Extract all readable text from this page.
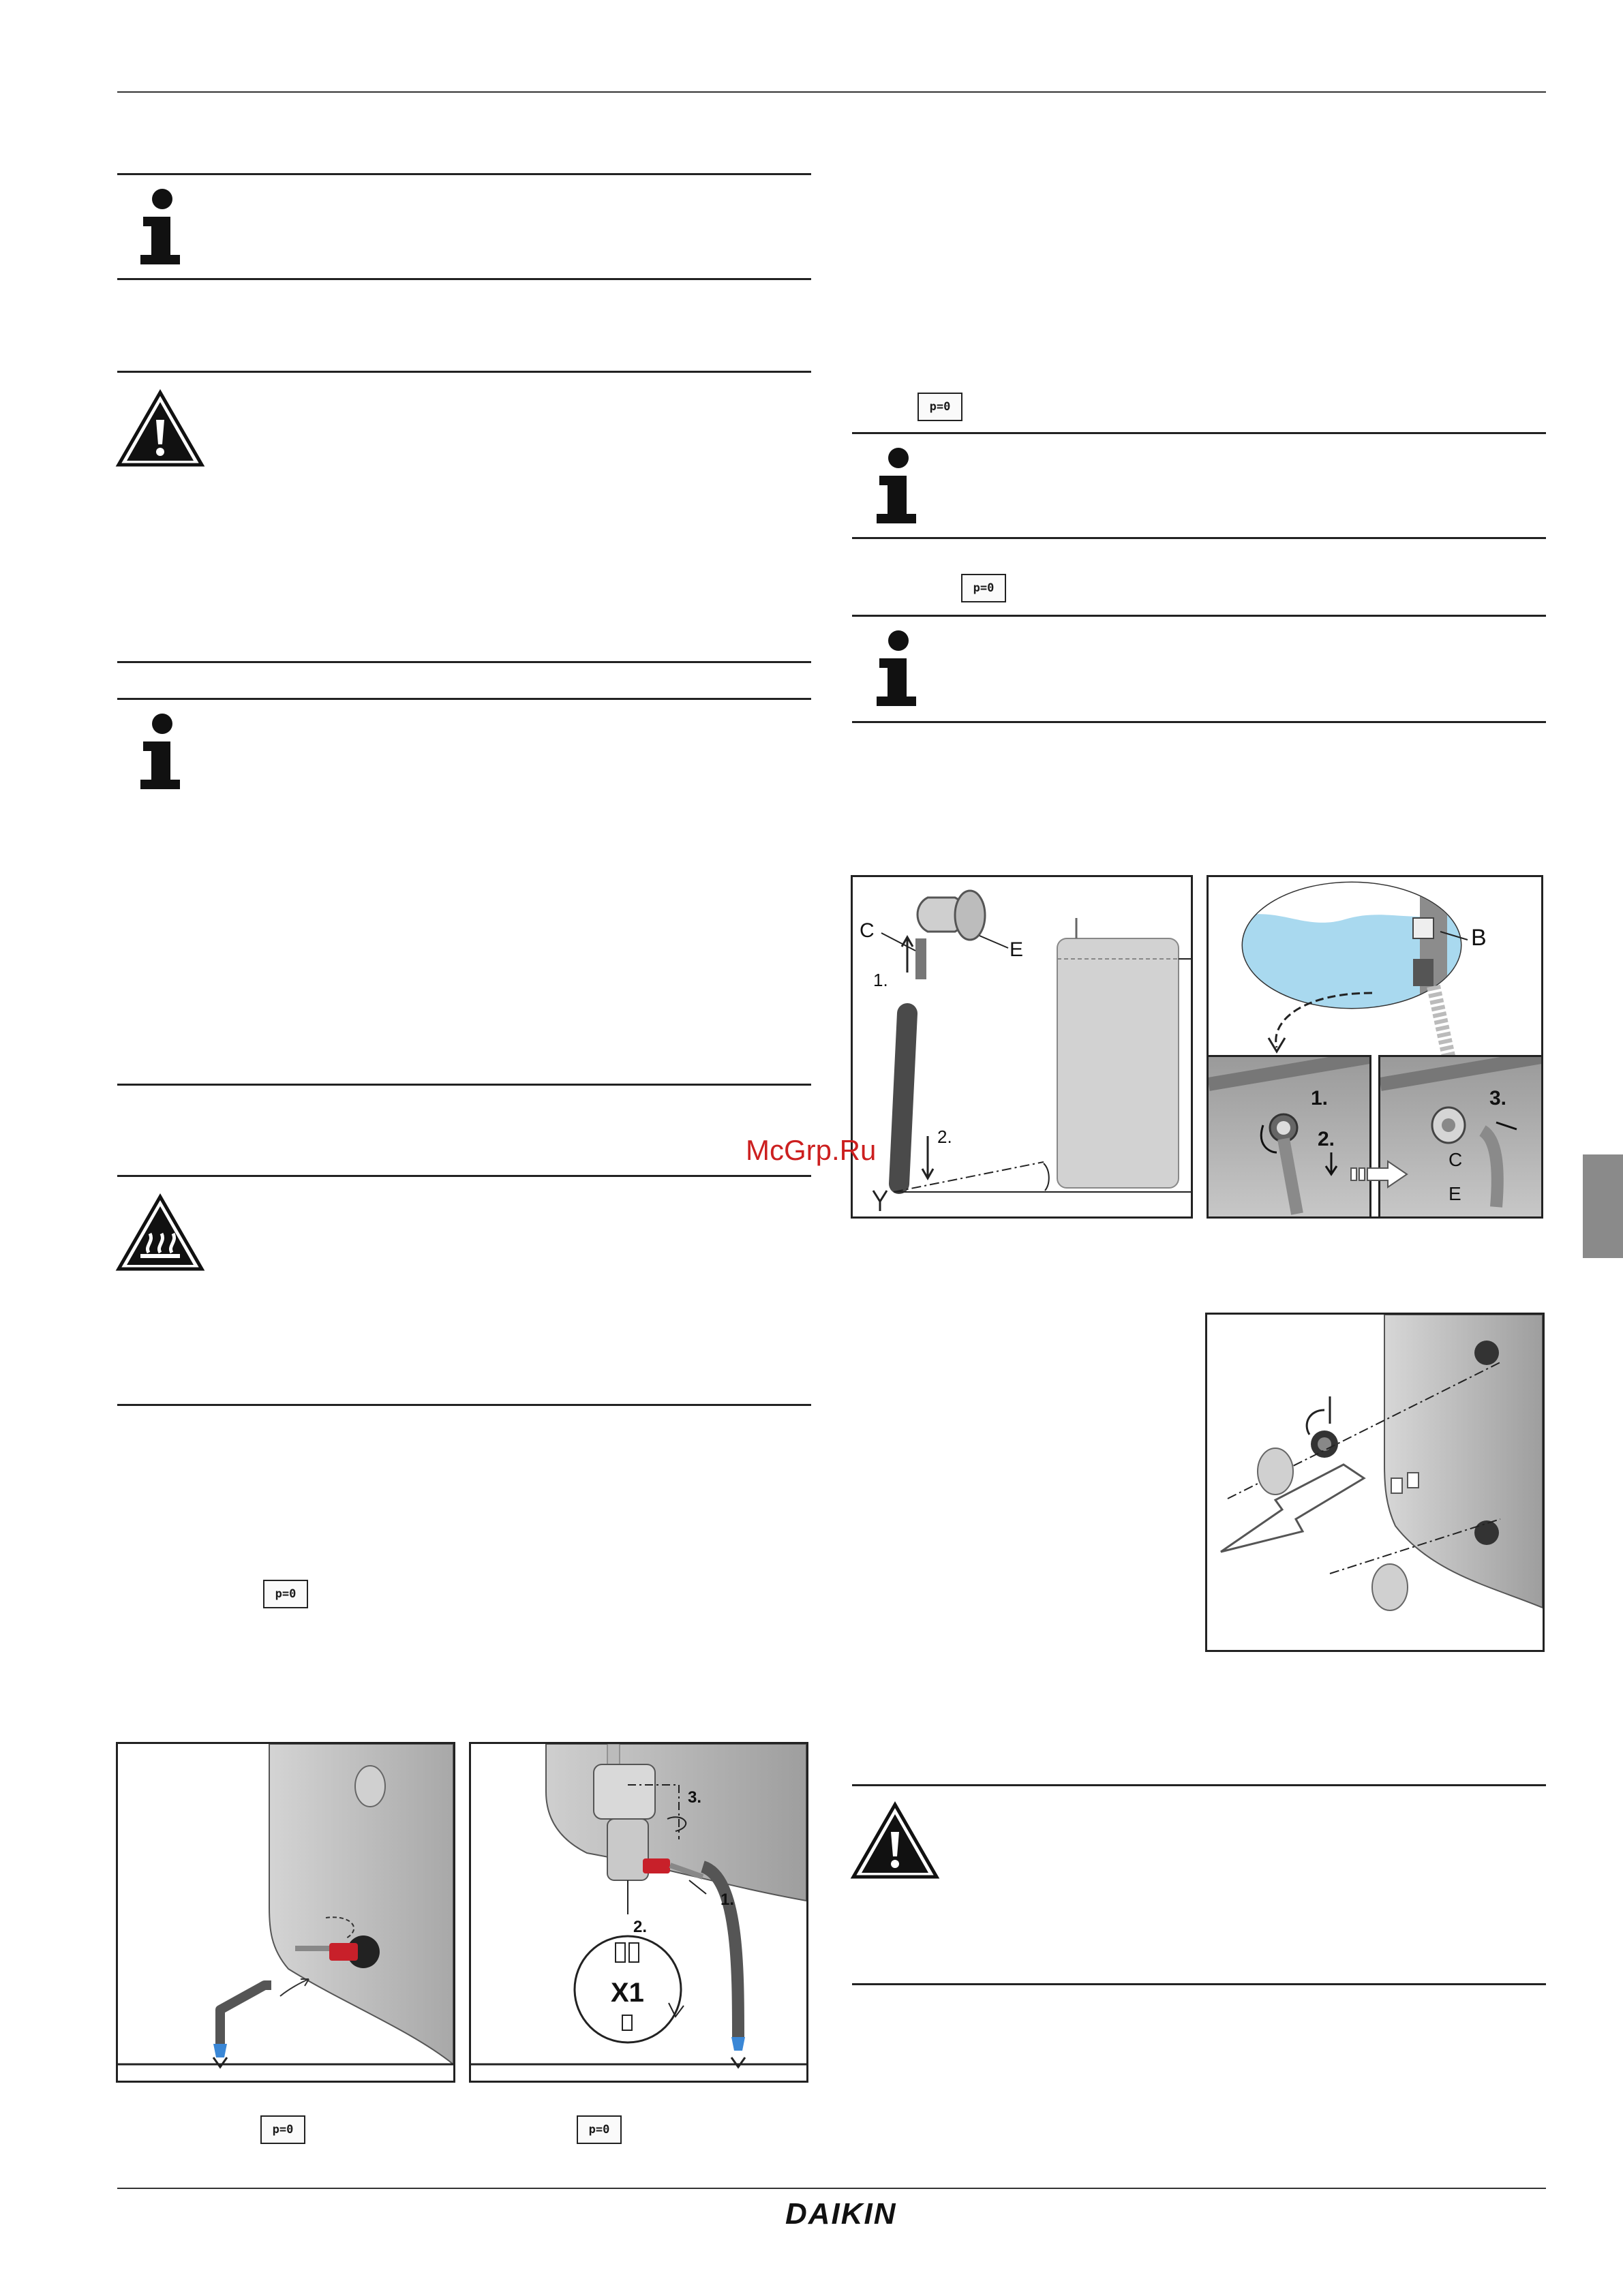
p=0
3.
2.
1.
X1
p=0	p=0
p=0
p=0
1.
C
E
2.
B
1.
2.
3.
C
E
McGrp.Ru
DAIKIN
